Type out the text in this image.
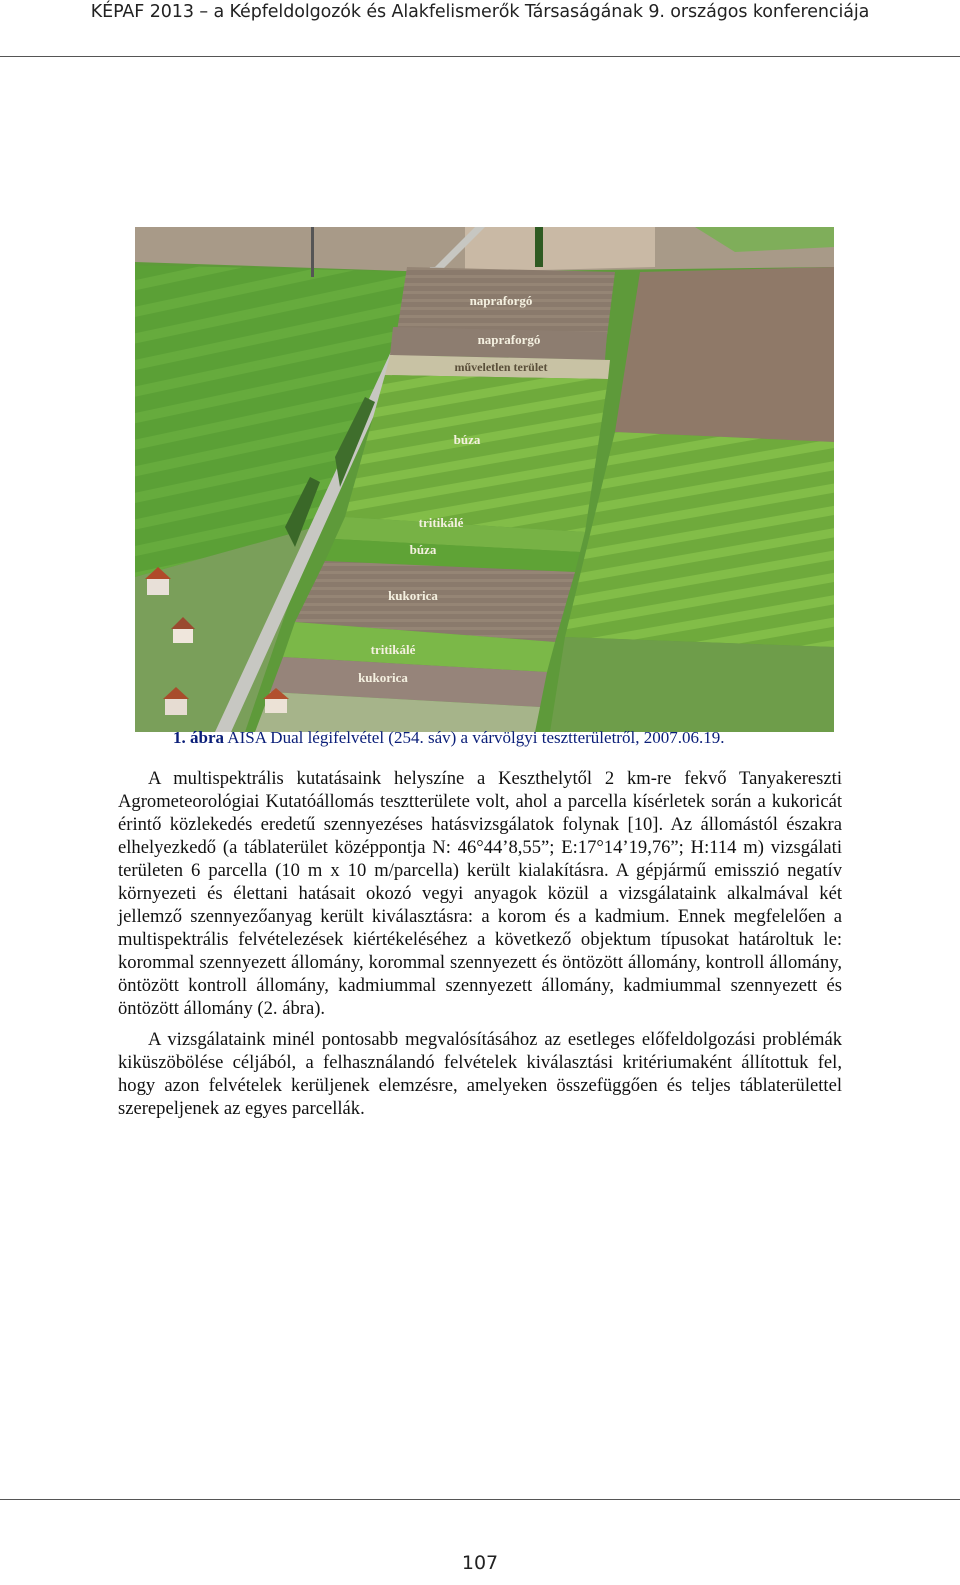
KÉPAF 2013 – a Képfeldolgozók és Alakfelismerők Társaságának 9. országos konferenciája
napraforgó
napraforgó
műveletlen terület
búza
tritikálé
búza
kukorica
tritikálé
kukorica
1. ábra AISA Dual légifelvétel (254. sáv) a várvölgyi tesztterületről, 2007.06.19.

A multispektrális kutatásaink helyszíne a Keszthelytől 2 km-re fekvő Tanyakereszti Agrometeorológiai Kutatóállomás tesztterülete volt, ahol a parcella kísérletek során a kukoricát érintő közlekedés eredetű szennyezéses hatásvizsgálatok folynak [10]. Az állomástól északra elhelyezkedő (a táblaterület középpontja N: 46°44’8,55”; E:17°14’19,76”; H:114 m) vizsgálati területen 6 parcella (10 m x 10 m/parcella) került kialakításra. A gépjármű emisszió negatív környezeti és élettani hatásait okozó vegyi anyagok közül a vizsgálataink alkalmával két jellemző szennyezőanyag került kiválasztásra: a korom és a kadmium. Ennek megfelelően a multispektrális felvételezések kiértékeléséhez a következő objektum típusokat határoltuk le: korommal szennyezett állomány, korommal szennyezett és öntözött állomány, kontroll állomány, öntözött kontroll állomány, kadmiummal szennyezett állomány, kadmiummal szennyezett és öntözött állomány (2. ábra).

A vizsgálataink minél pontosabb megvalósításához az esetleges előfeldolgozási problémák kiküszöbölése céljából, a felhasználandó felvételek kiválasztási kritériumaként állítottuk fel, hogy azon felvételek kerüljenek elemzésre, amelyeken összefüggően és teljes táblaterülettel szerepeljenek az egyes parcellák.

107
